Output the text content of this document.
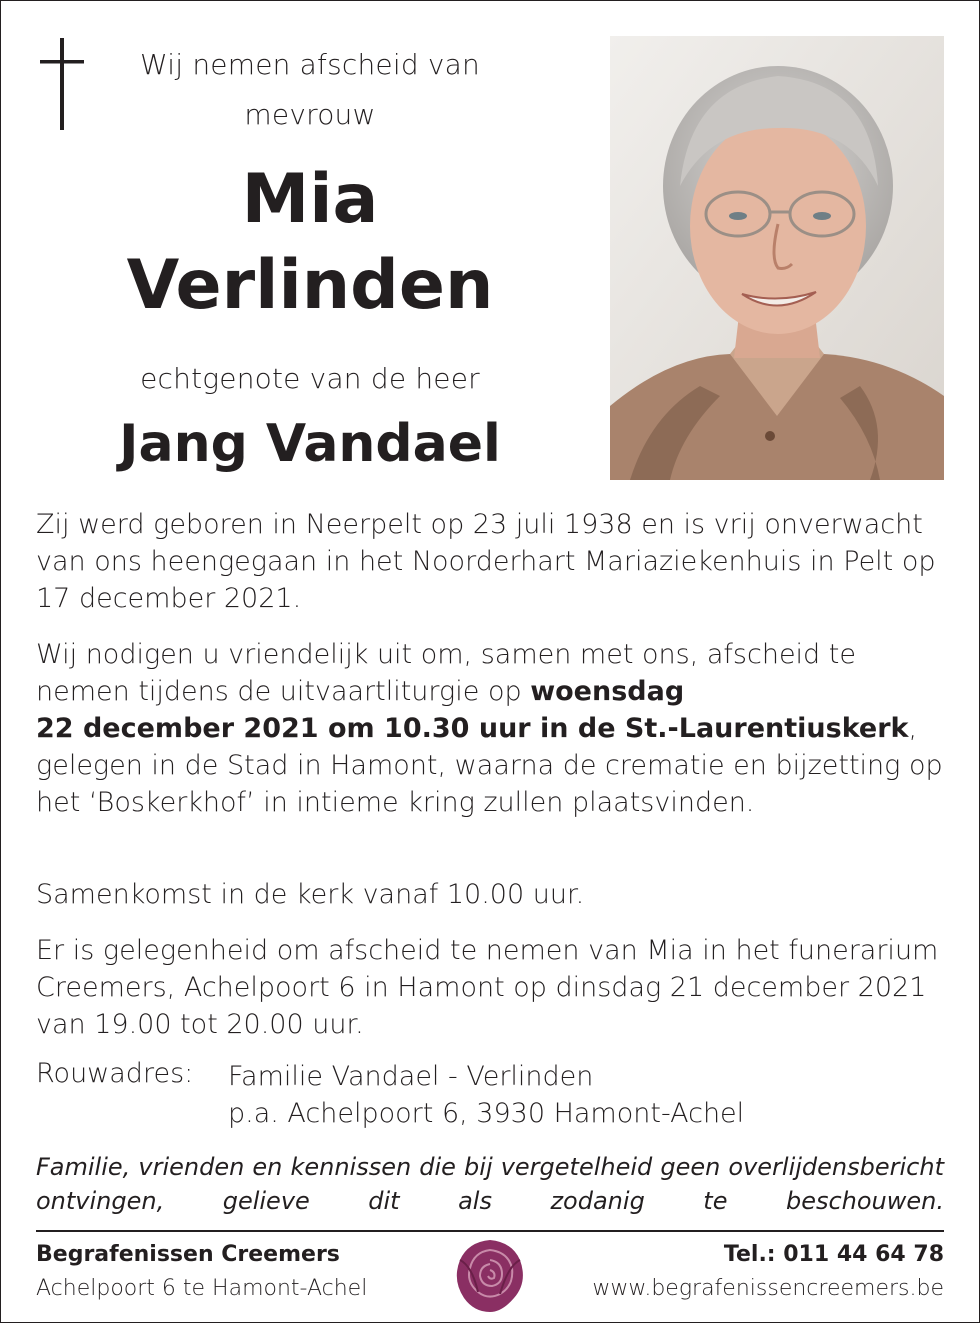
Wij nemen afscheid van
mevrouw
Mia
Verlinden
echtgenote van de heer
Jang Vandael

Zij werd geboren in Neerpelt op 23 juli 1938 en is vrij onverwacht van ons heengegaan in het Noorderhart Mariaziekenhuis in Pelt op 17 december 2021.

Wij nodigen u vriendelijk uit om, samen met ons, afscheid te nemen tijdens de uitvaartliturgie op woensdag
22 december 2021 om 10.30 uur in de St.-Laurentiuskerk, gelegen in de Stad in Hamont, waarna de crematie en bijzetting op het ‘Boskerkhof’ in intieme kring zullen plaatsvinden.

Samenkomst in de kerk vanaf 10.00 uur.

Er is gelegenheid om afscheid te nemen van Mia in het funerarium Creemers, Achelpoort 6 in Hamont op dinsdag 21 december 2021 van 19.00 tot 20.00 uur.

Rouwadres: Familie Vandael - Verlinden
p.a. Achelpoort 6, 3930 Hamont-Achel
Familie, vrienden en kennissen die bij vergetelheid geen overlijdensbericht ontvingen, gelieve dit als zodanig te beschouwen.
Begrafenissen Creemers
Achelpoort 6 te Hamont-Achel
Tel.: 011 44 64 78
www.begrafenissencreemers.be
